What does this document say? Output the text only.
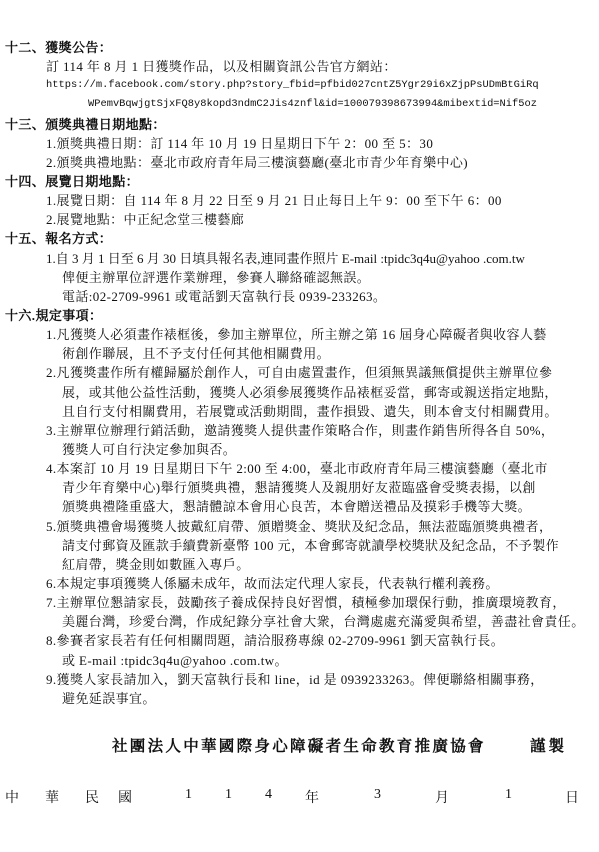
十二、獲獎公告：
訂 114 年 8 月 1 日獲獎作品，以及相關資訊公告官方網站：
https://m.facebook.com/story.php?story_fbid=pfbid027cntZ5Ygr29i6xZjpPsUDmBtGiRq
WPemvBqwjgtSjxFQ8y8kopd3ndmC2Jis4znfl&id=100079398673994&mibextid=Nif5oz
十三、頒獎典禮日期地點：
1.頒獎典禮日期：訂 114 年 10 月 19 日星期日下午 2：00 至 5：30
2.頒獎典禮地點：臺北市政府青年局三樓演藝廳(臺北市青少年育樂中心)
十四、展覽日期地點：
1.展覽日期：自 114 年 8 月 22 日至 9 月 21 日止每日上午 9：00 至下午 6：00
2.展覽地點：中正紀念堂三樓藝廊
十五、報名方式：
1.自 3 月 1 日至 6 月 30 日填具報名表,連同畫作照片 E-mail :tpidc3q4u@yahoo .com.tw
俾便主辦單位評選作業辦理，參賽人聯絡確認無誤。
電話:02-2709-9961 或電話劉天富執行長 0939-233263。
十六.規定事項：
1.凡獲獎人必須畫作裱框後，參加主辦單位，所主辦之第 16 屆身心障礙者與收容人藝
術創作聯展，且不予支付任何其他相關費用。
2.凡獲獎畫作所有權歸屬於創作人，可自由處置畫作，但須無異議無償提供主辦單位參
展，或其他公益性活動，獲獎人必須參展獲獎作品裱框妥當，郵寄或親送指定地點，
且自行支付相關費用，若展覽或活動期間，畫作損毀、遺失，則本會支付相關費用。
3.主辦單位辦理行銷活動，邀請獲獎人提供畫作策略合作，則畫作銷售所得各自 50%，
獲獎人可自行決定參加與否。
4.本案訂 10 月 19 日星期日下午 2:00 至 4:00，臺北市政府青年局三樓演藝廳（臺北市
青少年育樂中心)舉行頒獎典禮，懇請獲獎人及親朋好友蒞臨盛會受獎表揚，以創
頒獎典禮隆重盛大，懇請體諒本會用心良苦，本會贈送禮品及摸彩手機等大獎。
5.頒獎典禮會場獲獎人披戴紅肩帶、頒贈獎金、獎狀及紀念品，無法蒞臨頒獎典禮者，
請支付郵資及匯款手續費新臺幣 100 元，本會郵寄就讀學校獎狀及紀念品，不予製作
紅肩帶，獎金則如數匯入專戶。
6.本規定事項獲獎人係屬未成年，故而法定代理人家長，代表執行權利義務。
7.主辦單位懇請家長，鼓勵孩子養成保持良好習慣，積極參加環保行動，推廣環境教育，
美麗台灣，珍愛台灣，作成紀錄分享社會大衆，台灣處處充滿愛與希望，善盡社會責任。
8.參賽者家長若有任何相關問題，請洽服務專線 02-2709-9961 劉天富執行長。
或 E-mail :tpidc3q4u@yahoo .com.tw。
9.獲獎人家長請加入，劉天富執行長和 line，id 是 0939233263。俾便聯絡相關事務，
避免延誤事宜。
社團法人中華國際身心障礙者生命教育推廣協會	謹製
中 華 民 國	1 1 4 年	3	月	1	日
